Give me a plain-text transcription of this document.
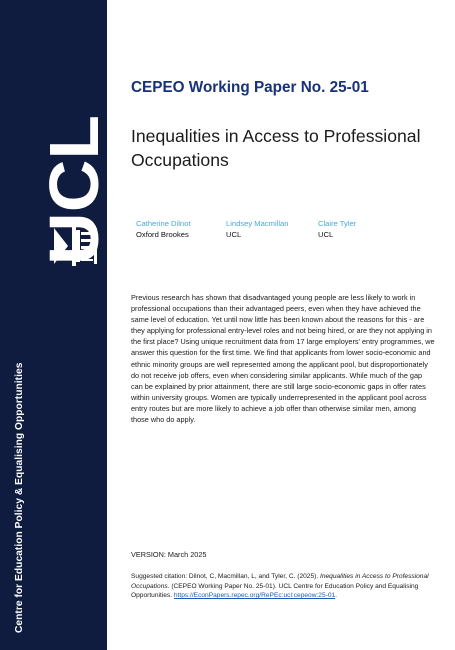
UCL
Centre for Education Policy & Equalising Opportunities
CEPEO Working Paper No. 25-01
Inequalities in Access to Professional Occupations
Catherine Dilnot
Oxford Brookes
Lindsey Macmillan
UCL
Claire Tyler
UCL
Previous research has shown that disadvantaged young people are less likely to work in professional occupations than their advantaged peers, even when they have achieved the same level of education. Yet until now little has been known about the reasons for this - are they applying for professional entry-level roles and not being hired, or are they not applying in the first place? Using unique recruitment data from 17 large employers' entry programmes, we answer this question for the first time. We find that applicants from lower socio-economic and ethnic minority groups are well represented among the applicant pool, but disproportionately do not receive job offers, even when considering similar applicants. While much of the gap can be explained by prior attainment, there are still large socio-economic gaps in offer rates within university groups. Women are typically underrepresented in the applicant pool across entry routes but are more likely to achieve a job offer than otherwise similar men, among those who do apply.
VERSION: March 2025
Suggested citation: Dilnot, C, Macmillan, L, and Tyler, C. (2025). Inequalities in Access to Professional Occupations. (CEPEO Working Paper No. 25-01). UCL Centre for Education Policy and Equalising Opportunities. https://EconPapers.repec.org/RePEc:ucl:cepeow:25-01.
